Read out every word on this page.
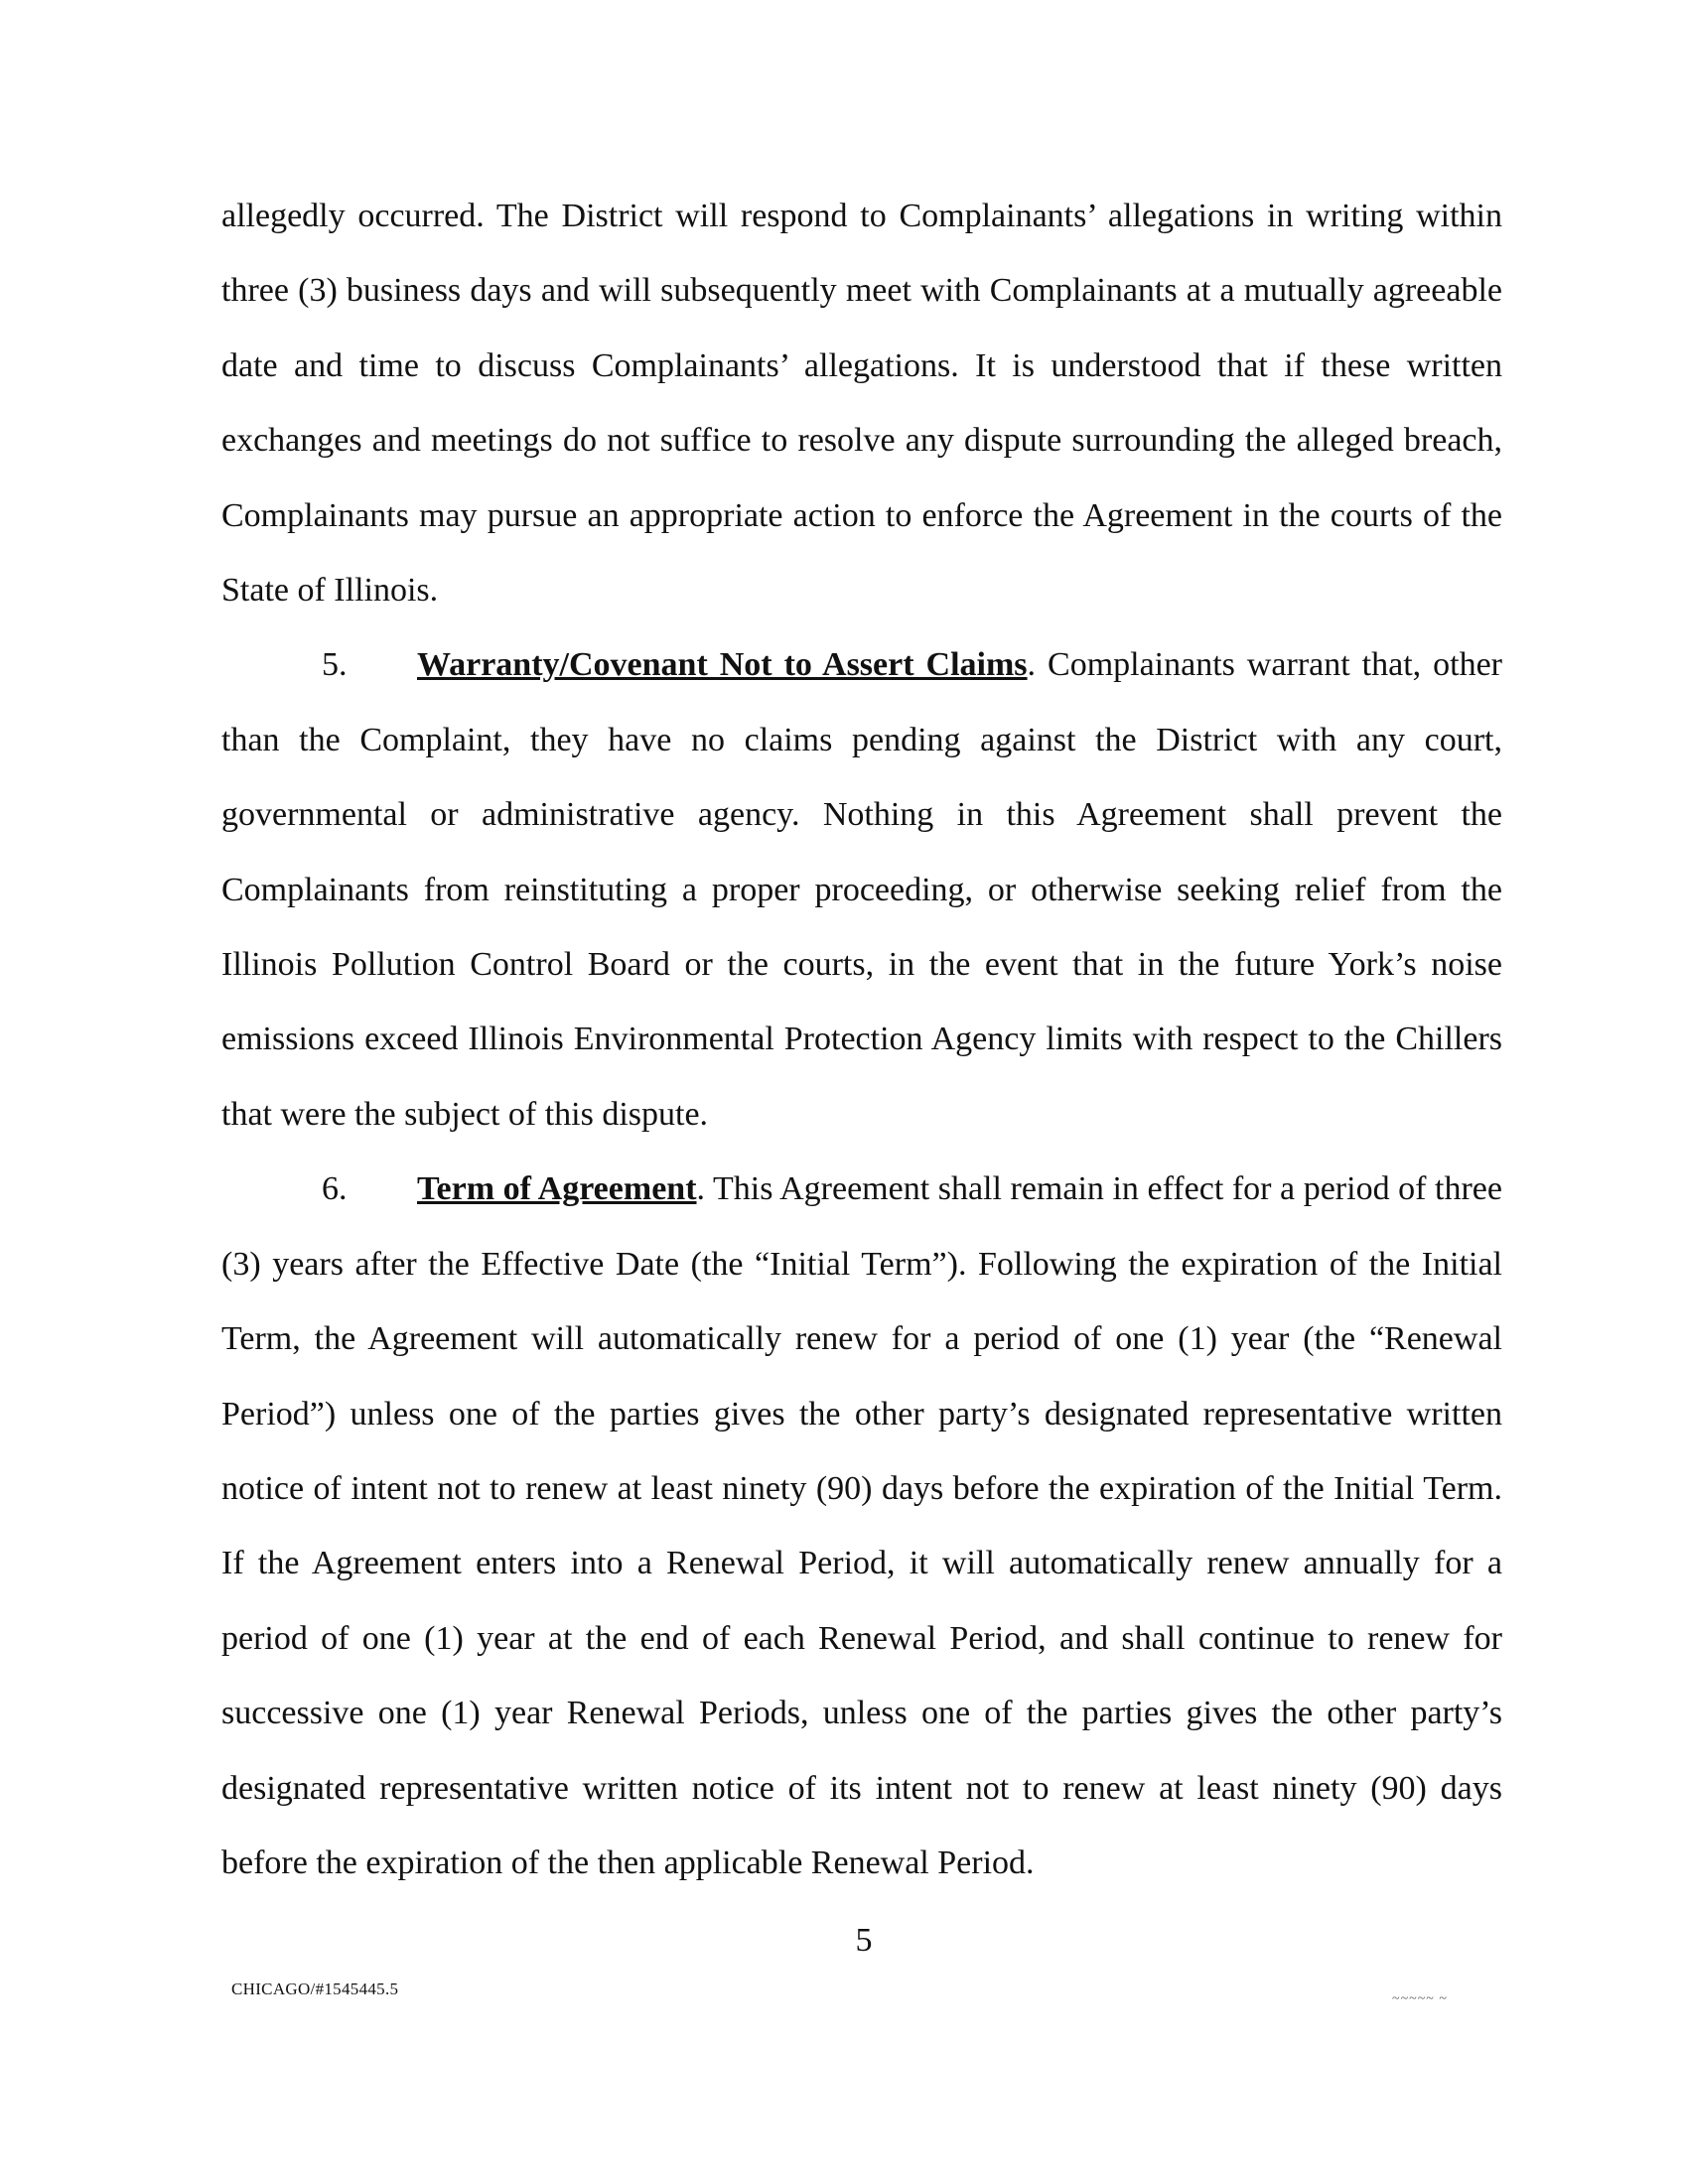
allegedly occurred. The District will respond to Complainants’ allegations in writing within three (3) business days and will subsequently meet with Complainants at a mutually agreeable date and time to discuss Complainants’ allegations. It is understood that if these written exchanges and meetings do not suffice to resolve any dispute surrounding the alleged breach, Complainants may pursue an appropriate action to enforce the Agreement in the courts of the State of Illinois.

5. Warranty/Covenant Not to Assert Claims. Complainants warrant that, other than the Complaint, they have no claims pending against the District with any court, governmental or administrative agency. Nothing in this Agreement shall prevent the Complainants from reinstituting a proper proceeding, or otherwise seeking relief from the Illinois Pollution Control Board or the courts, in the event that in the future York’s noise emissions exceed Illinois Environmental Protection Agency limits with respect to the Chillers that were the subject of this dispute.

6. Term of Agreement. This Agreement shall remain in effect for a period of three (3) years after the Effective Date (the “Initial Term”). Following the expiration of the Initial Term, the Agreement will automatically renew for a period of one (1) year (the “Renewal Period”) unless one of the parties gives the other party’s designated representative written notice of intent not to renew at least ninety (90) days before the expiration of the Initial Term. If the Agreement enters into a Renewal Period, it will automatically renew annually for a period of one (1) year at the end of each Renewal Period, and shall continue to renew for successive one (1) year Renewal Periods, unless one of the parties gives the other party’s designated representative written notice of its intent not to renew at least ninety (90) days before the expiration of the then applicable Renewal Period.

5
CHICAGO/#1545445.5
~~~~~ ~
